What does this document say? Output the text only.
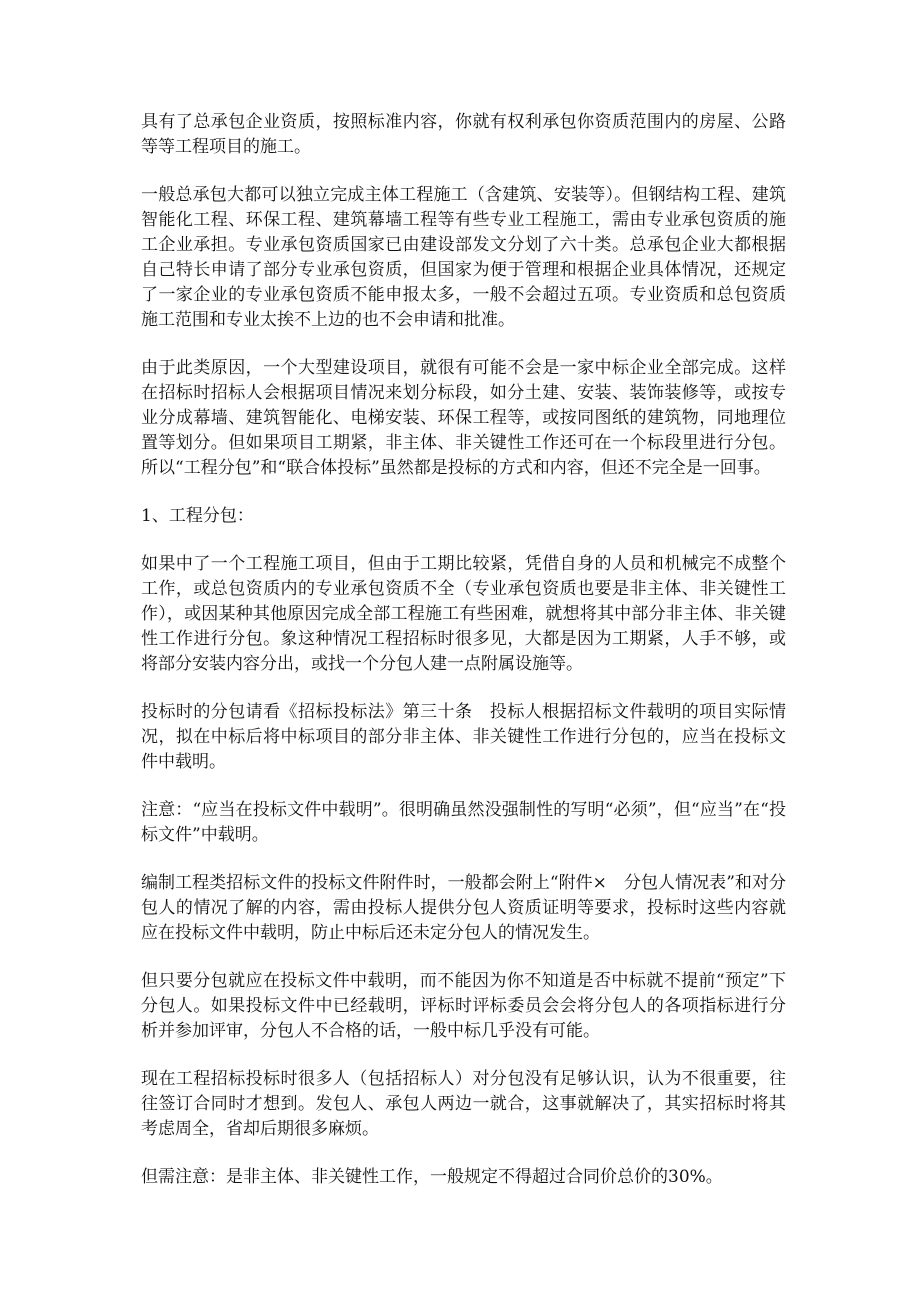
具有了总承包企业资质，按照标准内容，你就有权利承包你资质范围内的房屋、公路等等工程项目的施工。

一般总承包大都可以独立完成主体工程施工（含建筑、安装等）。但钢结构工程、建筑智能化工程、环保工程、建筑幕墙工程等有些专业工程施工，需由专业承包资质的施工企业承担。专业承包资质国家已由建设部发文分划了六十类。总承包企业大都根据自己特长申请了部分专业承包资质，但国家为便于管理和根据企业具体情况，还规定了一家企业的专业承包资质不能申报太多，一般不会超过五项。专业资质和总包资质施工范围和专业太挨不上边的也不会申请和批准。

由于此类原因，一个大型建设项目，就很有可能不会是一家中标企业全部完成。这样在招标时招标人会根据项目情况来划分标段，如分土建、安装、装饰装修等，或按专业分成幕墙、建筑智能化、电梯安装、环保工程等，或按同图纸的建筑物，同地理位置等划分。但如果项目工期紧，非主体、非关键性工作还可在一个标段里进行分包。所以“工程分包”和“联合体投标”虽然都是投标的方式和内容，但还不完全是一回事。

1、工程分包：

如果中了一个工程施工项目，但由于工期比较紧，凭借自身的人员和机械完不成整个工作，或总包资质内的专业承包资质不全（专业承包资质也要是非主体、非关键性工作），或因某种其他原因完成全部工程施工有些困难，就想将其中部分非主体、非关键性工作进行分包。象这种情况工程招标时很多见，大都是因为工期紧，人手不够，或将部分安装内容分出，或找一个分包人建一点附属设施等。

投标时的分包请看《招标投标法》第三十条　投标人根据招标文件载明的项目实际情况，拟在中标后将中标项目的部分非主体、非关键性工作进行分包的，应当在投标文件中载明。

注意：“应当在投标文件中载明”。很明确虽然没强制性的写明“必须”，但“应当”在“投标文件”中载明。

编制工程类招标文件的投标文件附件时，一般都会附上“附件×　分包人情况表”和对分包人的情况了解的内容，需由投标人提供分包人资质证明等要求，投标时这些内容就应在投标文件中载明，防止中标后还未定分包人的情况发生。

但只要分包就应在投标文件中载明，而不能因为你不知道是否中标就不提前“预定”下分包人。如果投标文件中已经载明，评标时评标委员会会将分包人的各项指标进行分析并参加评审，分包人不合格的话，一般中标几乎没有可能。

现在工程招标投标时很多人（包括招标人）对分包没有足够认识，认为不很重要，往往签订合同时才想到。发包人、承包人两边一就合，这事就解决了，其实招标时将其考虑周全，省却后期很多麻烦。

但需注意：是非主体、非关键性工作，一般规定不得超过合同价总价的30%。
